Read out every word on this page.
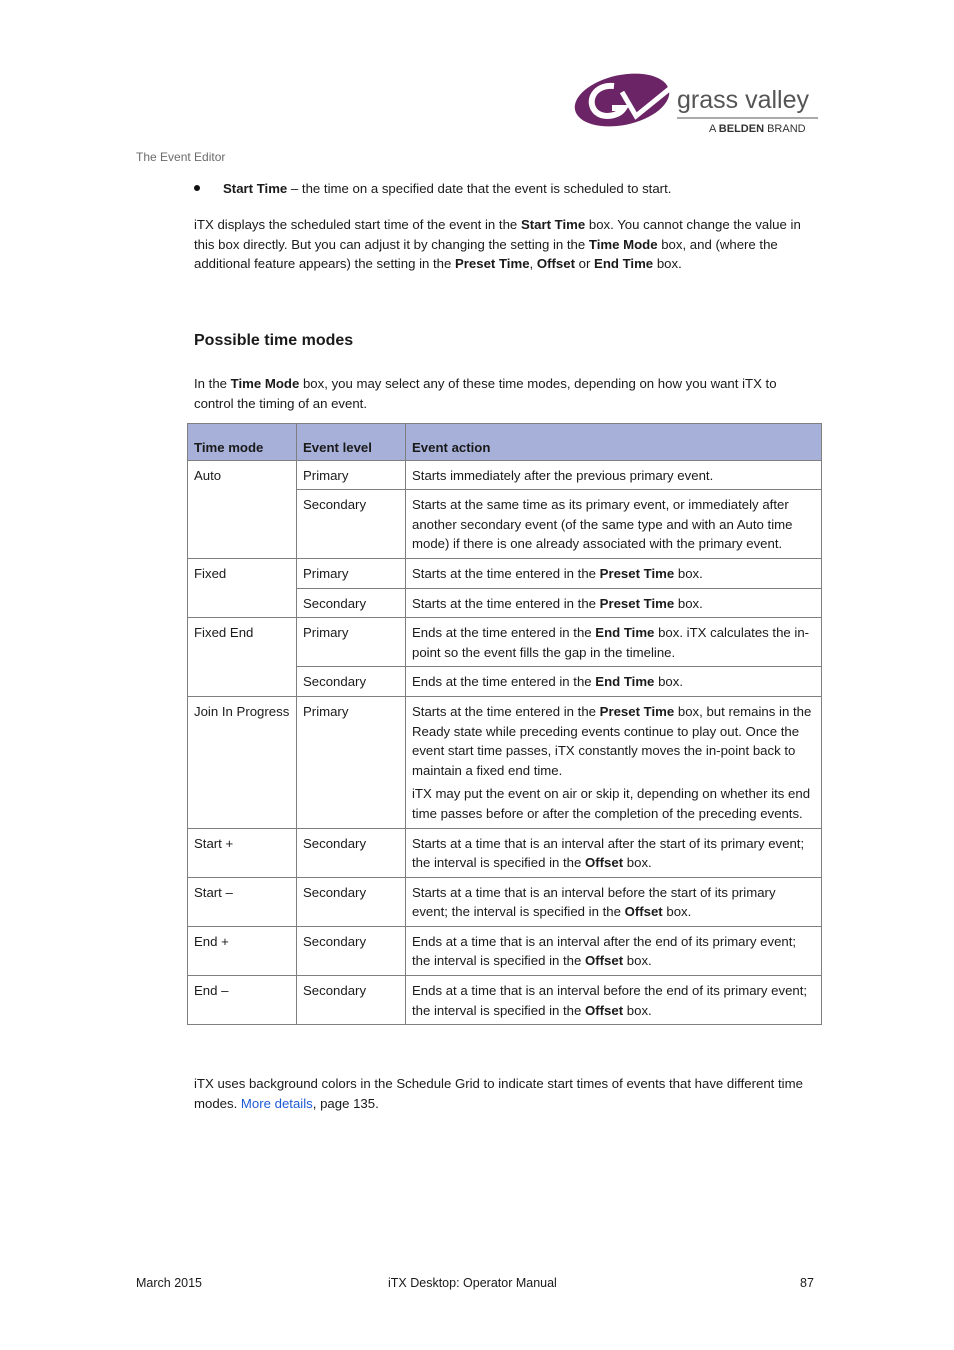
grass valley
A BELDEN BRAND
The Event Editor

Start Time – the time on a specified date that the event is scheduled to start.

iTX displays the scheduled start time of the event in the Start Time box. You cannot change the value in this box directly. But you can adjust it by changing the setting in the Time Mode box, and (where the additional feature appears) the setting in the Preset Time, Offset or End Time box.

Possible time modes

In the Time Mode box, you may select any of these time modes, depending on how you want iTX to control the timing of an event.

Time mode	Event level	Event action
Auto	Primary	Starts immediately after the previous primary event.

	Secondary	Starts at the same time as its primary event, or immediately after another secondary event (of the same type and with an Auto time mode) if there is one already associated with the primary event.

Fixed	Primary	Starts at the time entered in the Preset Time box.

	Secondary	Starts at the time entered in the Preset Time box.

Fixed End	Primary	Ends at the time entered in the End Time box. iTX calculates the in-point so the event fills the gap in the timeline.

	Secondary	Ends at the time entered in the End Time box.

Join In Progress	Primary	Starts at the time entered in the Preset Time box, but remains in the Ready state while preceding events continue to play out. Once the event start time passes, iTX constantly moves the in-point back to maintain a fixed end time.

iTX may put the event on air or skip it, depending on whether its end time passes before or after the completion of the preceding events.

Start +	Secondary	Starts at a time that is an interval after the start of its primary event; the interval is specified in the Offset box.

Start –	Secondary	Starts at a time that is an interval before the start of its primary event; the interval is specified in the Offset box.

End +	Secondary	Ends at a time that is an interval after the end of its primary event; the interval is specified in the Offset box.

End –	Secondary	Ends at a time that is an interval before the end of its primary event; the interval is specified in the Offset box.

iTX uses background colors in the Schedule Grid to indicate start times of events that have different time modes. More details, page 135.

March 2015	iTX Desktop: Operator Manual	87
